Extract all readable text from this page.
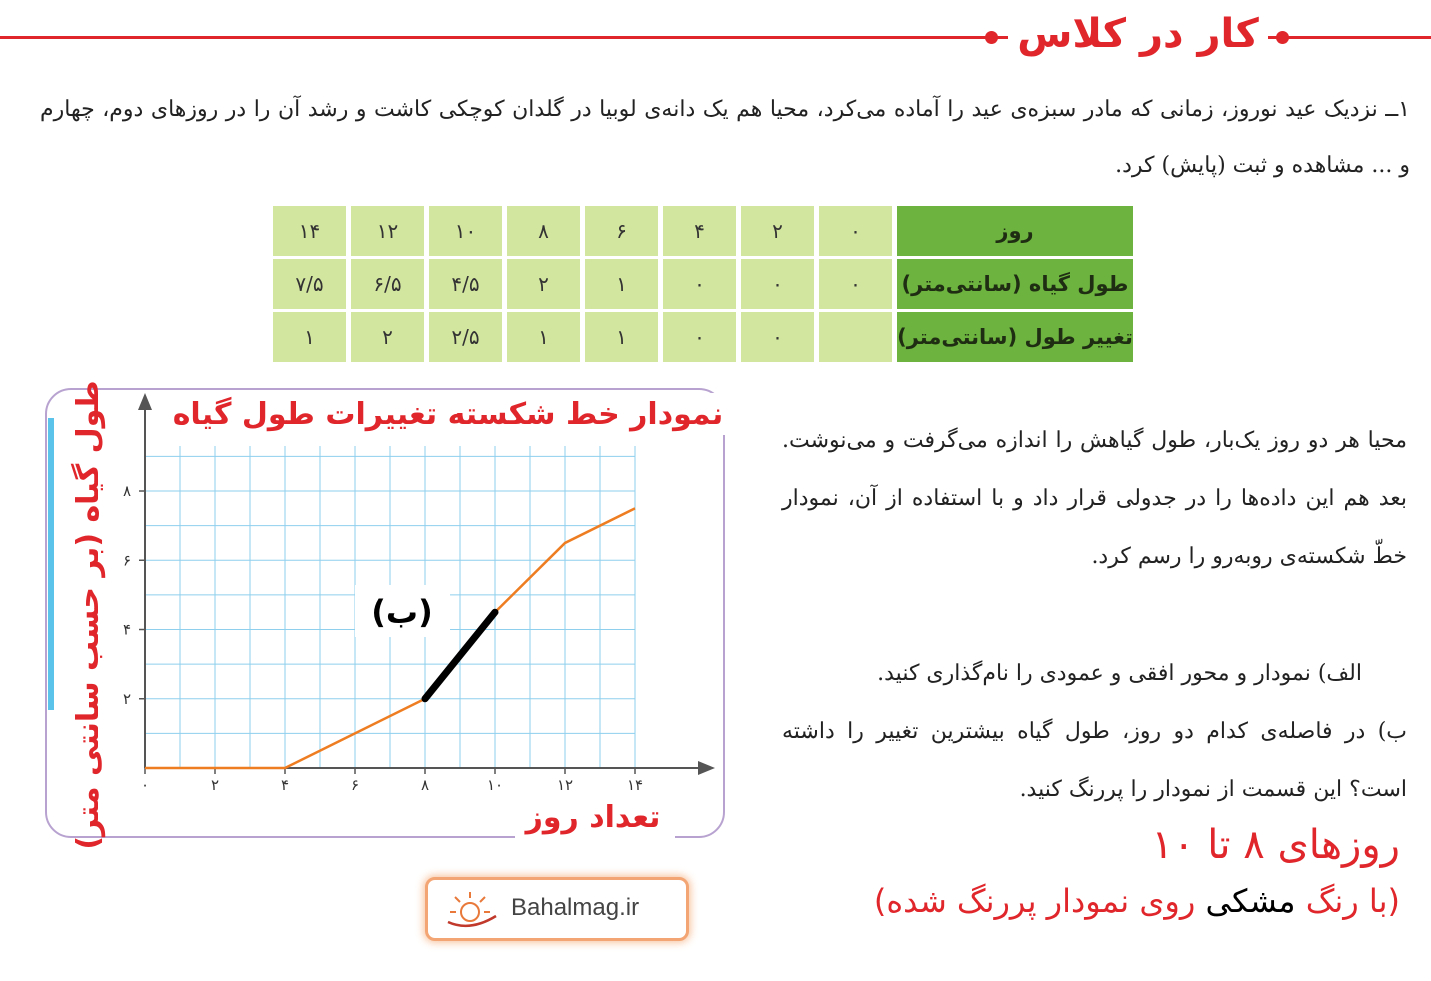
کار در کلاس
۱ــ نزدیک عید نوروز، زمانی که مادر سبزه‌ی عید را آماده می‌کرد، محیا هم یک دانه‌ی لوبیا در گلدان کوچکی کاشت و رشد آن را در روزهای دوم، چهارم و ... مشاهده و ثبت (پایش) کرد.
روز	۰	۲	۴	۶	۸	۱۰	۱۲	۱۴
طول گیاه (سانتی‌متر)	۰	۰	۰	۱	۲	۴/۵	۶/۵	۷/۵
تغییر طول (سانتی‌متر)		۰	۰	۱	۱	۲/۵	۲	۱
۰	۲	۴	۶	۸	۱۰	۱۲	۱۴
۲
۴
۶
۸
نمودار خط شکسته تغییرات طول گیاه
تعداد روز
طول گیاه (بر حسب سانتی متر)	(ب)
محیا هر دو روز یک‌بار، طول گیاهش را اندازه می‌گرفت و می‌نوشت. بعد هم این داده‌ها را در جدولی قرار داد و با استفاده از آن، نمودار خطّ شکسته‌ی روبه‌رو را رسم کرد.
الف) نمودار و محور افقی و عمودی را نام‌گذاری کنید.
ب) در فاصله‌ی کدام دو روز، طول گیاه بیشترین تغییر را داشته است؟ این قسمت از نمودار را پررنگ کنید.
روزهای ۸ تا ۱۰
(با رنگ مشکی روی نمودار پررنگ شده)
Bahalmag.ir
